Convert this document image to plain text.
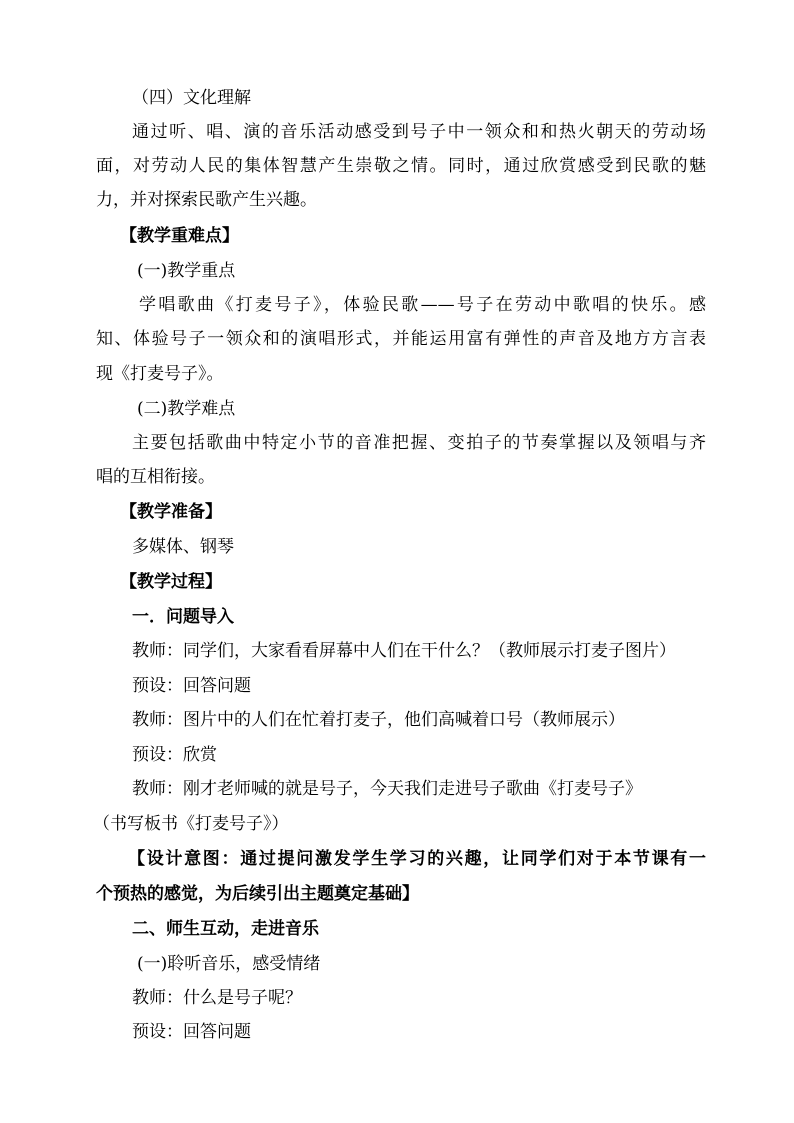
（四）文化理解
通过听、唱、演的音乐活动感受到号子中一领众和和热火朝天的劳动场
面，对劳动人民的集体智慧产生崇敬之情。同时，通过欣赏感受到民歌的魅
力，并对探索民歌产生兴趣。
【教学重难点】
(一)教学重点
学唱歌曲《打麦号子》，体验民歌——号子在劳动中歌唱的快乐。感
知、体验号子一领众和的演唱形式，并能运用富有弹性的声音及地方方言表
现《打麦号子》。
(二)教学难点
主要包括歌曲中特定小节的音准把握、变拍子的节奏掌握以及领唱与齐
唱的互相衔接。
【教学准备】
多媒体、钢琴
【教学过程】
一．问题导入
教师：同学们，大家看看屏幕中人们在干什么？（教师展示打麦子图片）
预设：回答问题
教师：图片中的人们在忙着打麦子，他们高喊着口号（教师展示）
预设：欣赏
教师：刚才老师喊的就是号子，今天我们走进号子歌曲《打麦号子》
（书写板书《打麦号子》）
【设计意图：通过提问激发学生学习的兴趣，让同学们对于本节课有一
个预热的感觉，为后续引出主题奠定基础】
二、师生互动，走进音乐
(一)聆听音乐，感受情绪
教师：什么是号子呢？
预设：回答问题
